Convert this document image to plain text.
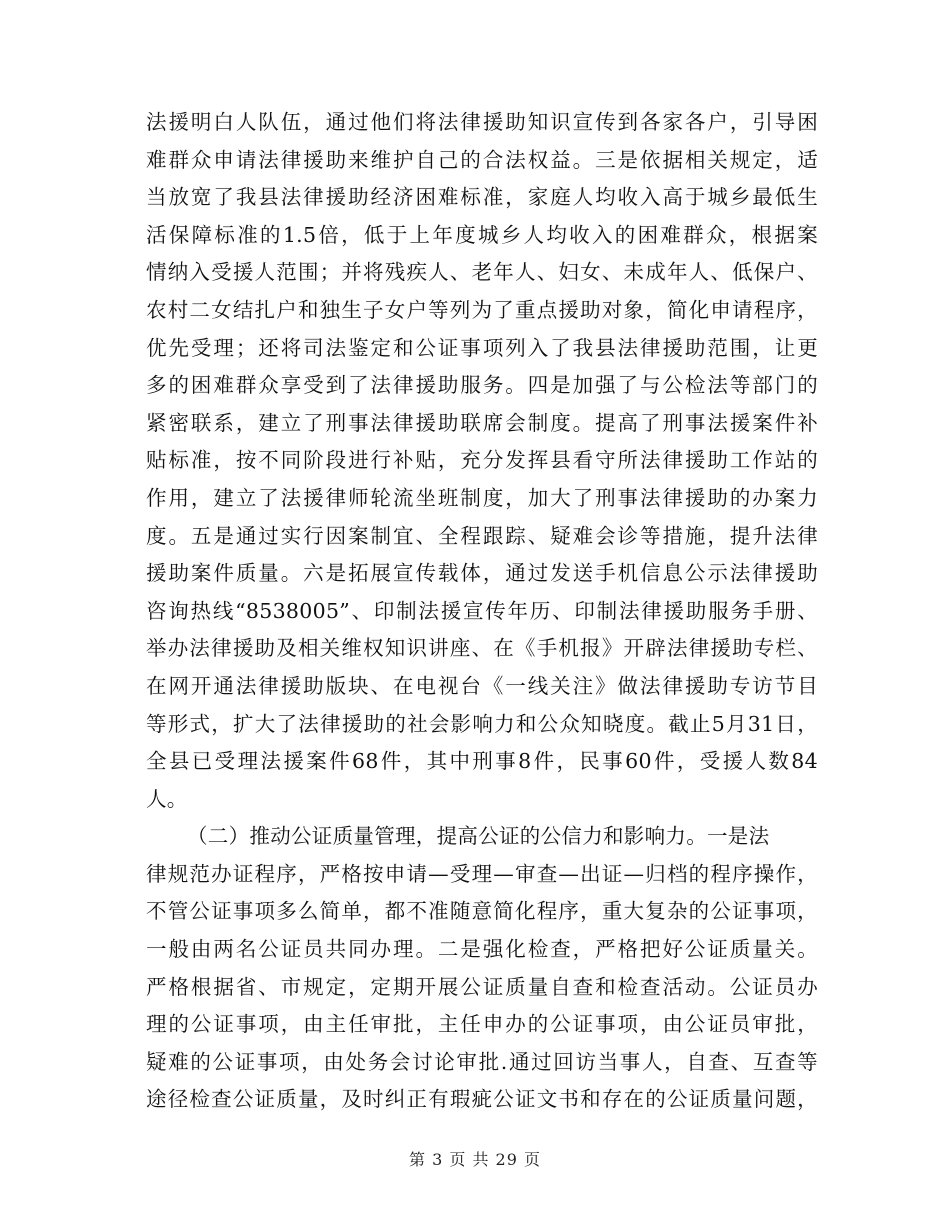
法援明白人队伍，通过他们将法律援助知识宣传到各家各户，引导困
难群众申请法律援助来维护自己的合法权益。三是依据相关规定，适
当放宽了我县法律援助经济困难标准，家庭人均收入高于城乡最低生
活保障标准的1.5倍，低于上年度城乡人均收入的困难群众，根据案
情纳入受援人范围；并将残疾人、老年人、妇女、未成年人、低保户、
农村二女结扎户和独生子女户等列为了重点援助对象，简化申请程序，
优先受理；还将司法鉴定和公证事项列入了我县法律援助范围，让更
多的困难群众享受到了法律援助服务。四是加强了与公检法等部门的
紧密联系，建立了刑事法律援助联席会制度。提高了刑事法援案件补
贴标准，按不同阶段进行补贴，充分发挥县看守所法律援助工作站的
作用，建立了法援律师轮流坐班制度，加大了刑事法律援助的办案力
度。五是通过实行因案制宜、全程跟踪、疑难会诊等措施，提升法律
援助案件质量。六是拓展宣传载体，通过发送手机信息公示法律援助
咨询热线“8538005”、印制法援宣传年历、印制法律援助服务手册、
举办法律援助及相关维权知识讲座、在《手机报》开辟法律援助专栏、
在网开通法律援助版块、在电视台《一线关注》做法律援助专访节目
等形式，扩大了法律援助的社会影响力和公众知晓度。截止5月31日，
全县已受理法援案件68件，其中刑事8件，民事60件，受援人数84
人。
（二）推动公证质量管理，提高公证的公信力和影响力。一是法
律规范办证程序，严格按申请—受理—审查—出证—归档的程序操作，
不管公证事项多么简单，都不准随意简化程序，重大复杂的公证事项，
一般由两名公证员共同办理。二是强化检查，严格把好公证质量关。
严格根据省、市规定，定期开展公证质量自查和检查活动。公证员办
理的公证事项，由主任审批，主任申办的公证事项，由公证员审批，
疑难的公证事项，由处务会讨论审批.通过回访当事人，自查、互查等
途径检查公证质量，及时纠正有瑕疵公证文书和存在的公证质量问题，
第 3 页 共 29 页
